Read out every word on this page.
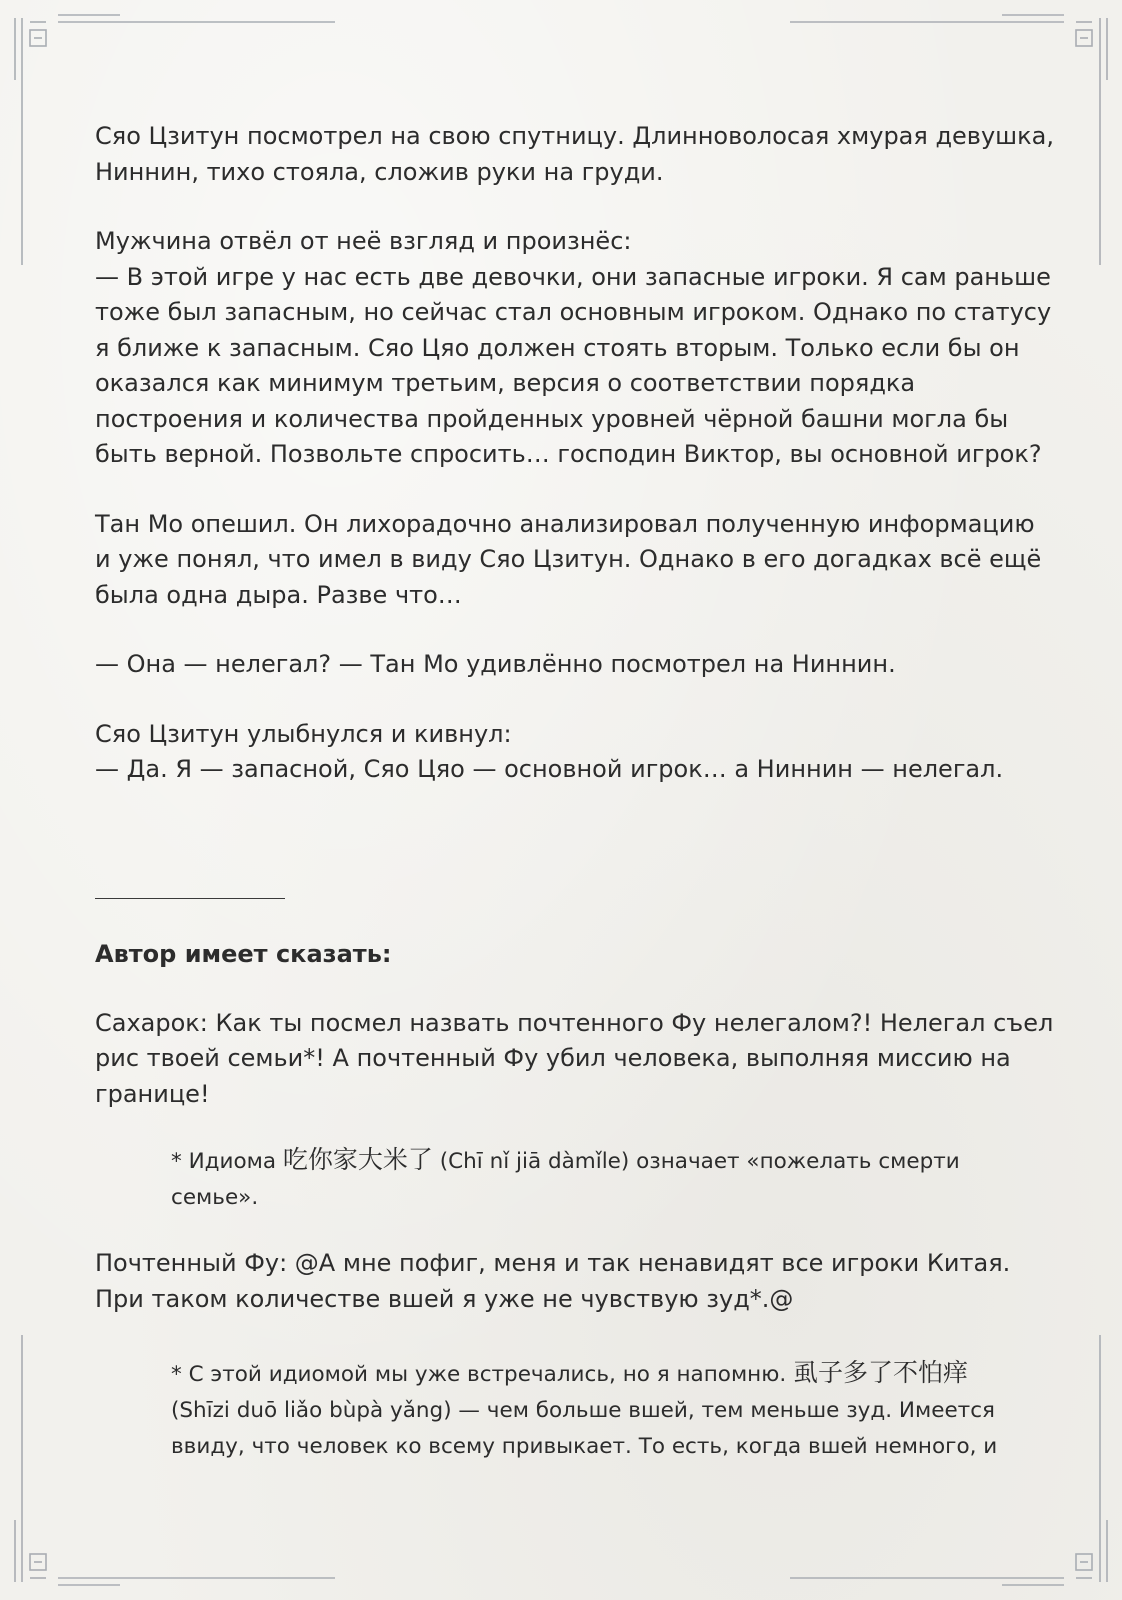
Сяо Цзитун посмотрел на свою спутницу. Длинноволосая хмурая девушка,
Ниннин, тихо стояла, сложив руки на груди.

Мужчина отвёл от неё взгляд и произнёс:
— В этой игре у нас есть две девочки, они запасные игроки. Я сам раньше
тоже был запасным, но сейчас стал основным игроком. Однако по статусу
я ближе к запасным. Сяо Цяо должен стоять вторым. Только если бы он
оказался как минимум третьим, версия о соответствии порядка
построения и количества пройденных уровней чёрной башни могла бы
быть верной. Позвольте спросить… господин Виктор, вы основной игрок?

Тан Мо опешил. Он лихорадочно анализировал полученную информацию
и уже понял, что имел в виду Сяо Цзитун. Однако в его догадках всё ещё
была одна дыра. Разве что…

— Она — нелегал? — Тан Мо удивлённо посмотрел на Ниннин.

Сяо Цзитун улыбнулся и кивнул:
— Да. Я — запасной, Сяо Цяо — основной игрок… а Ниннин — нелегал.

Автор имеет сказать:

Сахарок: Как ты посмел назвать почтенного Фу нелегалом?! Нелегал съел
рис твоей семьи*! А почтенный Фу убил человека, выполняя миссию на
границе!

* Идиома 吃你家大米了 (Chī nǐ jiā dàmǐle) означает «пожелать смерти
семье».

Почтенный Фу: @А мне пофиг, меня и так ненавидят все игроки Китая.
При таком количестве вшей я уже не чувствую зуд*.@

* С этой идиомой мы уже встречались, но я напомню. 虱子多了不怕痒
(Shīzi duō liǎo bùpà yǎng) — чем больше вшей, тем меньше зуд. Имеется
ввиду, что человек ко всему привыкает. То есть, когда вшей немного, и
